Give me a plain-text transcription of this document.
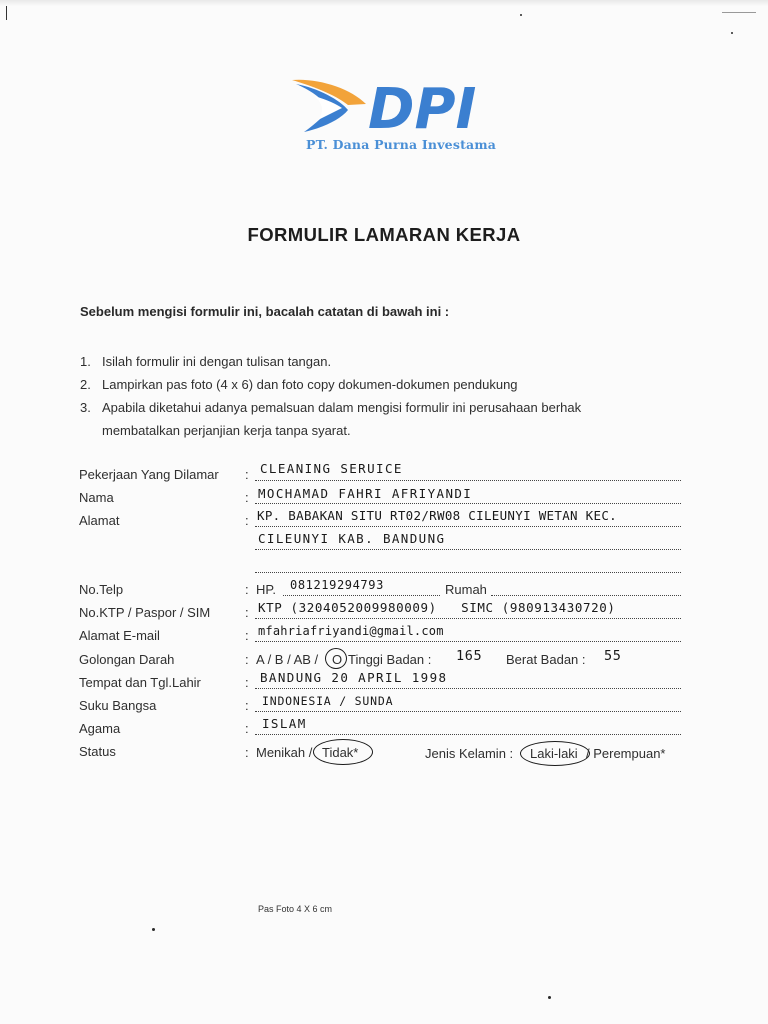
DPI
PT. Dana Purna Investama
FORMULIR LAMARAN KERJA
Sebelum mengisi formulir ini, bacalah catatan di bawah ini :
1. Isilah formulir ini dengan tulisan tangan.
2. Lampirkan pas foto (4 x 6) dan foto copy dokumen-dokumen pendukung
3. Apabila diketahui adanya pemalsuan dalam mengisi formulir ini perusahaan berhak membatalkan perjanjian kerja tanpa syarat.
Pekerjaan Yang Dilamar : CLEANING SERUICE
Nama	: MOCHAMAD FAHRI AFRIYANDI
Alamat	: KP. BABAKAN SITU RT02/RW08 CILEUNYI WETAN KEC.
CILEUNYI KAB. BANDUNG
No.Telp	: HP. 081219294793	Rumah
No.KTP / Paspor / SIM	: KTP (3204052009980009)   SIMC (980913430720)
Alamat E-mail	: mfahriafriyandi@gmail.com
Golongan Darah	: A / B / AB / O Tinggi Badan : 165 Berat Badan : 55
Tempat dan Tgl.Lahir	: BANDUNG 20 APRIL 1998
Suku Bangsa	: INDONESIA / SUNDA
Agama	: ISLAM
Status	: Menikah / Tidak*	Jenis Kelamin : Laki-laki / Perempuan*
Pas Foto 4 X 6 cm
